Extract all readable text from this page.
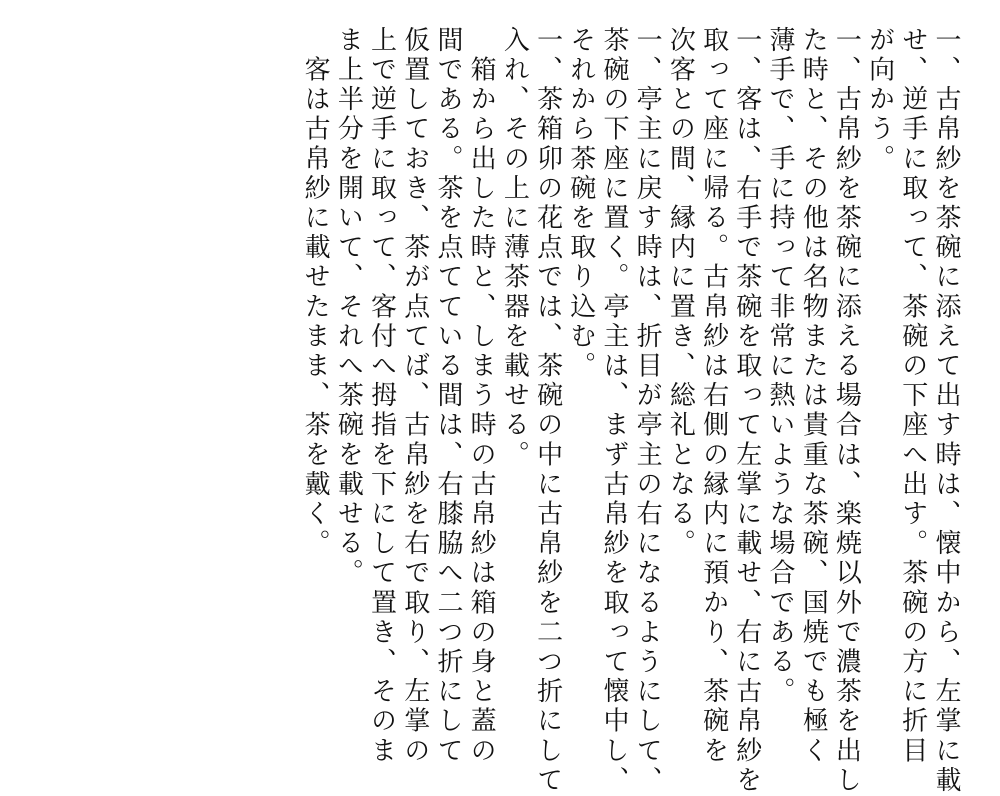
一、古帛紗を茶碗に添えて出す時は、懐中から、左掌に載
せ、逆手に取って、茶碗の下座へ出す。茶碗の方に折目
が向かう。
一、古帛紗を茶碗に添える場合は、楽焼以外で濃茶を出し
た時と、その他は名物または貴重な茶碗、国焼でも極く
薄手で、手に持って非常に熱いような場合である。
一、客は、右手で茶碗を取って左掌に載せ、右に古帛紗を
取って座に帰る。古帛紗は右側の縁内に預かり、茶碗を
次客との間、縁内に置き、総礼となる。
一、亭主に戻す時は、折目が亭主の右になるようにして、
茶碗の下座に置く。亭主は、まず古帛紗を取って懐中し、
それから茶碗を取り込む。
一、茶箱卯の花点では、茶碗の中に古帛紗を二つ折にして
入れ、その上に薄茶器を載せる。
　箱から出した時と、しまう時の古帛紗は箱の身と蓋の
間である。茶を点てている間は、右膝脇へ二つ折にして
仮置しておき、茶が点てば、古帛紗を右で取り、左掌の
上で逆手に取って、客付へ拇指を下にして置き、そのま
ま上半分を開いて、それへ茶碗を載せる。
　客は古帛紗に載せたまま、茶を戴く。
